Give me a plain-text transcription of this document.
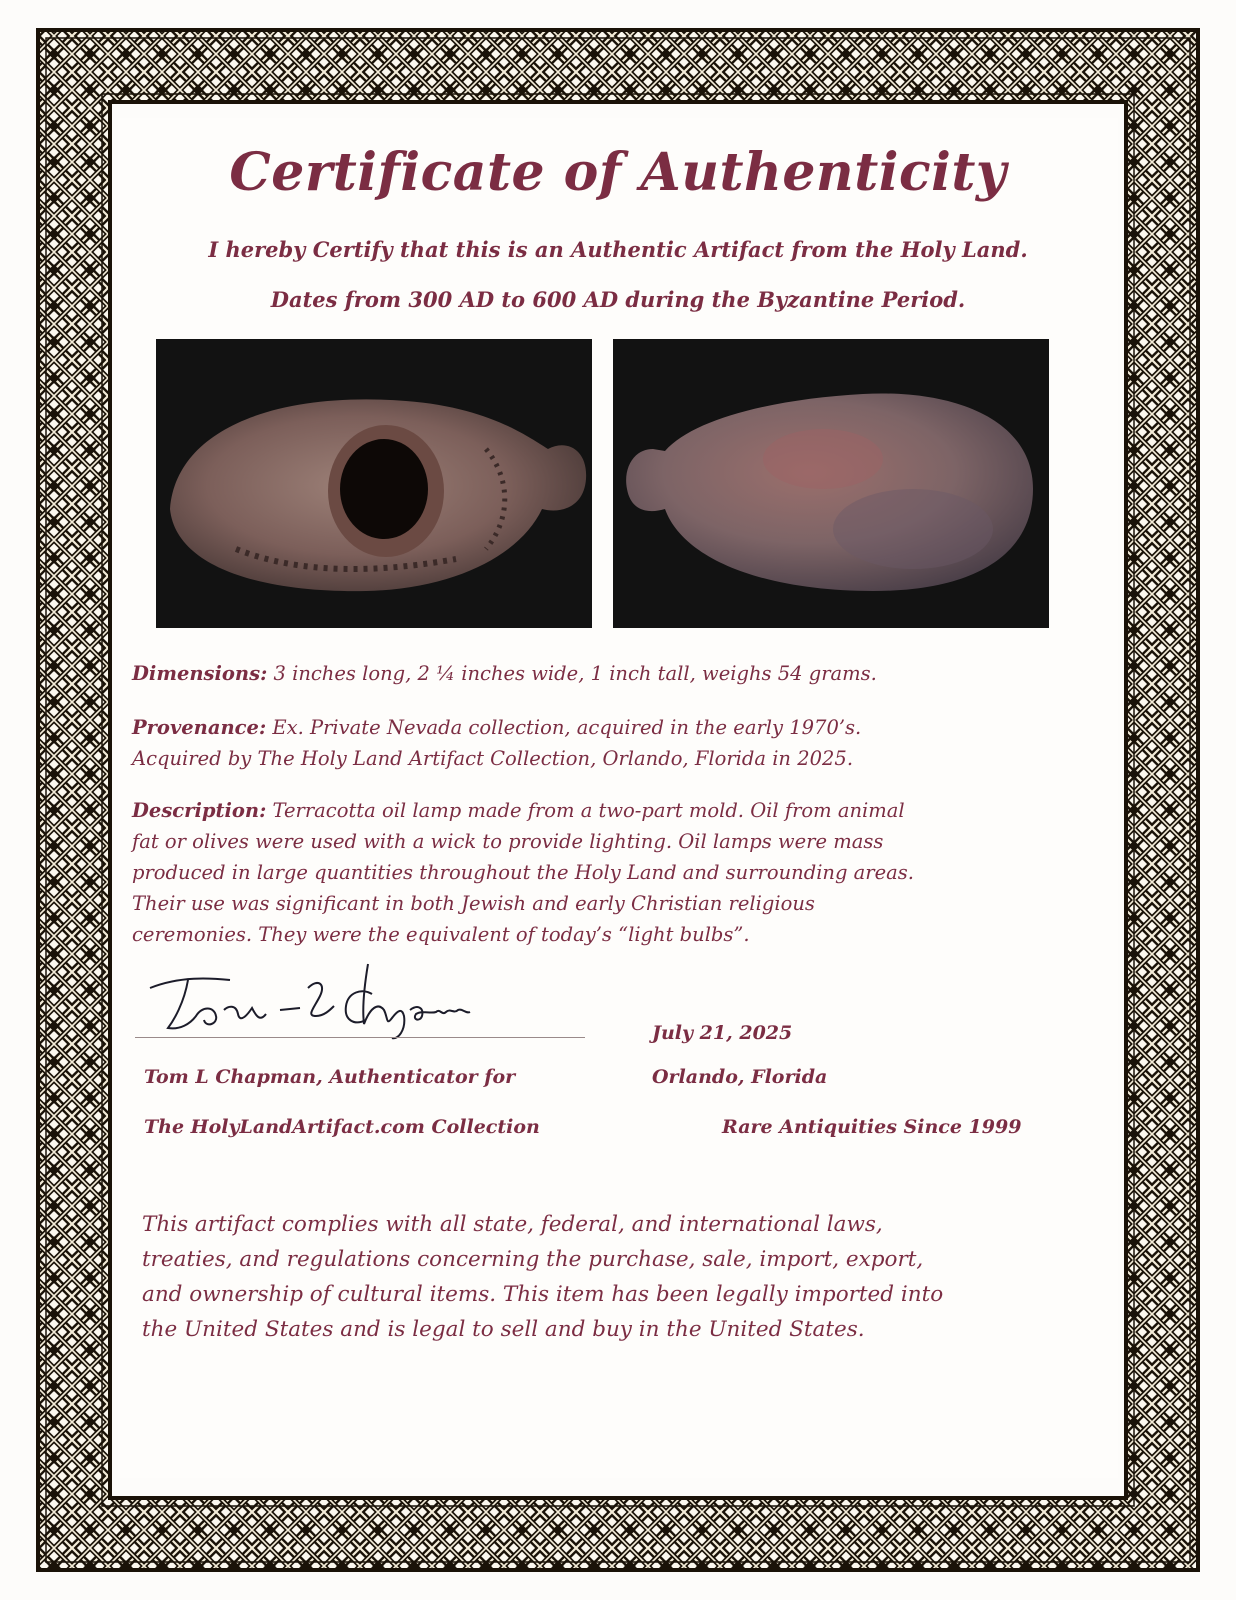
Certificate of Authenticity
I hereby Certify that this is an Authentic Artifact from the Holy Land.
Dates from 300 AD to 600 AD during the Byzantine Period.
Dimensions: 3 inches long, 2 ¼ inches wide, 1 inch tall, weighs 54 grams.
Provenance: Ex. Private Nevada collection, acquired in the early 1970’s.
Acquired by The Holy Land Artifact Collection, Orlando, Florida in 2025.
Description: Terracotta oil lamp made from a two-part mold. Oil from animal
fat or olives were used with a wick to provide lighting. Oil lamps were mass
produced in large quantities throughout the Holy Land and surrounding areas.
Their use was significant in both Jewish and early Christian religious
ceremonies. They were the equivalent of today’s “light bulbs”.
Tom L Chapman, Authenticator for
The HolyLandArtifact.com Collection
July 21, 2025
Orlando, Florida
Rare Antiquities Since 1999
This artifact complies with all state, federal, and international laws,
treaties, and regulations concerning the purchase, sale, import, export,
and ownership of cultural items. This item has been legally imported into
the United States and is legal to sell and buy in the United States.
